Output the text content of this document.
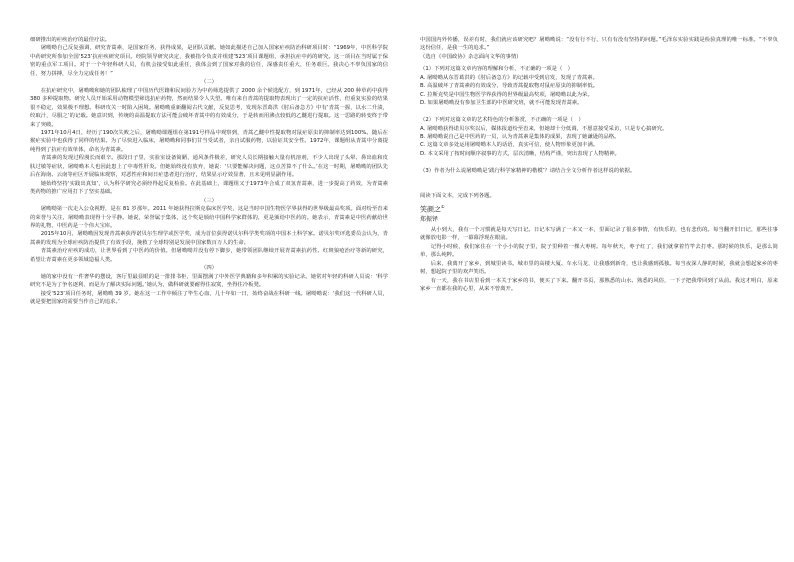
细研推出的疟疾治疗的最佳疗法。

屠呦呦自己反复强调，研究青蒿素，是国家任务，获得成果，是团队贡献。她如此描述自己加入国家疟疾防治科研项目时：“1969年，中医科学院中药研究所参加全国‘523’抗疟疾研究项目。经院领导研究决定，我被指令负责并组建‘523’项目课题组，承担抗疟中药的研究。这一项目在当时属于保密的重点军工项目。对于一个年轻科研人员，有机会接受如此重任，我体会到了国家对我的信任，深感责任重大，任务艰巨。我决心不辜负国家的信任，努力拼搏，尽全力完成任务！”

（二）

在抗疟研究中，屠呦呦和她的团队梳理了中国历代医籍和民间验方为中药筛选提供了 2000 余个候选配方，到 1971年，已经从 200 种草药中获得 380 多种提取物。研究人员开始采用动物模型筛选抗疟药物，然而结果令人失望。唯有来自青蒿的提取物表现出了一定的抗疟活性，但重复实验的结果很不稳定，效果极不理想。科研攻关一时陷入困境。屠呦呦重新翻阅古代文献，反复思考，发现东晋葛洪《肘后备急方》中有‘青蒿一握，以水二升渍，绞取汁，尽服之’的记载。她意识到，传统的高温提取方法可能会破坏青蒿中的有效成分，于是转而用沸点较低的乙醚进行提取。这一思路的转变终于带来了突破。

1971年10月4日，经历了190次失败之后，屠呦呦课题组在第191号样品中观察到，青蒿乙醚中性提取物对鼠疟原虫的抑制率达到100%。随后在猴疟实验中也获得了同样的结果。为了尽快进入临床，屠呦呦和同事们甘当受试者，亲自试服药物，以验证其安全性。1972年，课题组从青蒿中分离提纯得到了抗疟有效单体，命名为青蒿素。

青蒿素的发现过程漫长而艰辛。那段日子里，实验室设备简陋，通风条件极差，研究人员长期接触大量有机溶剂，不少人出现了头晕、鼻出血和皮肤过敏等症状，屠呦呦本人也因此患上了中毒性肝炎。但她始终没有放弃，她说：‘只要能解决问题，这点苦算不了什么。’在这一时期，屠呦呦的团队先后在海南、云南等疟区开展临床观察，对恶性疟和间日疟患者进行治疗，结果显示疗效显著，且未见明显副作用。

她始终坚持‘实践出真知’，认为科学研究必须经得起反复检验。在此基础上，课题组又于1973年合成了双氢青蒿素，进一步提高了药效，为青蒿素类药物的推广应用打下了坚实基础。

（三）

屠呦呦第一次走入公众视野，是在 81 岁那年。2011 年她获得拉斯克临床医学奖，这是当时中国生物医学界获得的世界级最高奖项。面对纷至沓来的荣誉与关注，屠呦呦表现得十分平静。她说，荣誉属于集体，这个奖是颁给中国科学家群体的，更是颁给中医药的。她表示，青蒿素是中医药献给世界的礼物，中医药是一个伟大宝库。

2015年10月，屠呦呦因发现青蒿素获得诺贝尔生理学或医学奖，成为首位获得诺贝尔科学类奖项的中国本土科学家。诺贝尔奖评选委员会认为，青蒿素的发现为全球疟疾防治提供了有效手段，挽救了全球特别是发展中国家数百万人的生命。

青蒿素治疗疟疾的成功，让世界看到了中医药的价值。但屠呦呦并没有停下脚步，她带领团队继续开展青蒿素抗药性、红斑狼疮治疗等新的研究，希望让青蒿素在更多领域造福人类。

（四）

她的家中没有一件奢华的摆设，客厅里最显眼的是一排排书柜，里面摆满了中外医学典籍和多年积累的实验记录。她常对年轻的科研人员说：‘科学研究不是为了争名逐利，而是为了解决实际问题。’她认为，做科研就要耐得住寂寞，坐得住冷板凳。

接受‘523’项目任务时，屠呦呦 39 岁。她在这一工作中倾注了毕生心血，几十年如一日，始终奋战在科研一线。屠呦呦说：‘我们这一代科研人员，就是要把国家的需要当作自己的追求。’

中国国内外传播，误差有时，我们就应该研究吧？屠呦呦说：“没有行不行，只有有没有坚持的问题。”毛泽东实验实践是检验真理的唯一标准。“不辜负这份信任，是我一生的追求。”

（选自《中国政协》杂志面向文华的事情）

（1）下列对这篇文章内容的理解和分析，不正确的一项是（　）

A. 屠呦呦从东晋葛洪的《肘后备急方》的记载中受到启发，发现了青蒿素。

B. 高温破坏了青蒿素的有效成分，导致青蒿提取物对鼠疟原虫的抑制率低。

C. 拉斯克奖是中国生物医学界获得的世界级最高奖项，屠呦呦以此为荣。

D. 如果屠呦呦没有参加卫生部的中医研究班，就不可能发现青蒿素。

（2）下列对这篇文章的艺术特色的分析鉴赏，不正确的一项是（　）

A. 屠呦呦获得诺贝尔奖以后，媒体报道纷至沓来，但她却十分低调，不愿意接受采访，只是专心搞研究。

B. 屠呦呦说自己是中医药的一员，认为青蒿素是集体的成果，表现了她谦逊的品格。

C. 这篇文章多处运用屠呦呦本人的话语，真实可信，使人物形象更加丰满。

D. 本文采用了按时间顺序叙事的方式，层次清晰，结构严谨，突出表现了人物精神。

（3）作者为什么说屠呦呦是‘践行科学家精神的楷模’？请结合全文分析作者这样说的依据。

阅读下面文本，完成下列各题。

笑颜之①

郑振铎

从小到大，我有一个习惯就是每天写日记。日记本写满了一本又一本，里面记录了很多事情，有快乐的，也有悲伤的。每当翻开旧日记，那些往事就像放电影一样，一幕幕浮现在眼前。

记得小时候，我们家住在一个小小的院子里，院子里种着一棵大枣树。每年秋天，枣子红了，我们就拿着竹竿去打枣。那时候的快乐，是那么简单，那么纯粹。

后来，我离开了家乡，到城里读书。城市里的高楼大厦、车水马龙，让我感到新奇，也让我感到孤独。每当夜深人静的时候，我就会想起家乡的枣树，想起院子里的欢声笑语。

有一天，我在书店里看到一本关于家乡的书，便买了下来。翻开书页，那熟悉的山水、熟悉的风俗，一下子把我带回到了从前。我这才明白，原来家乡一直都在我的心里，从来不曾离开。
